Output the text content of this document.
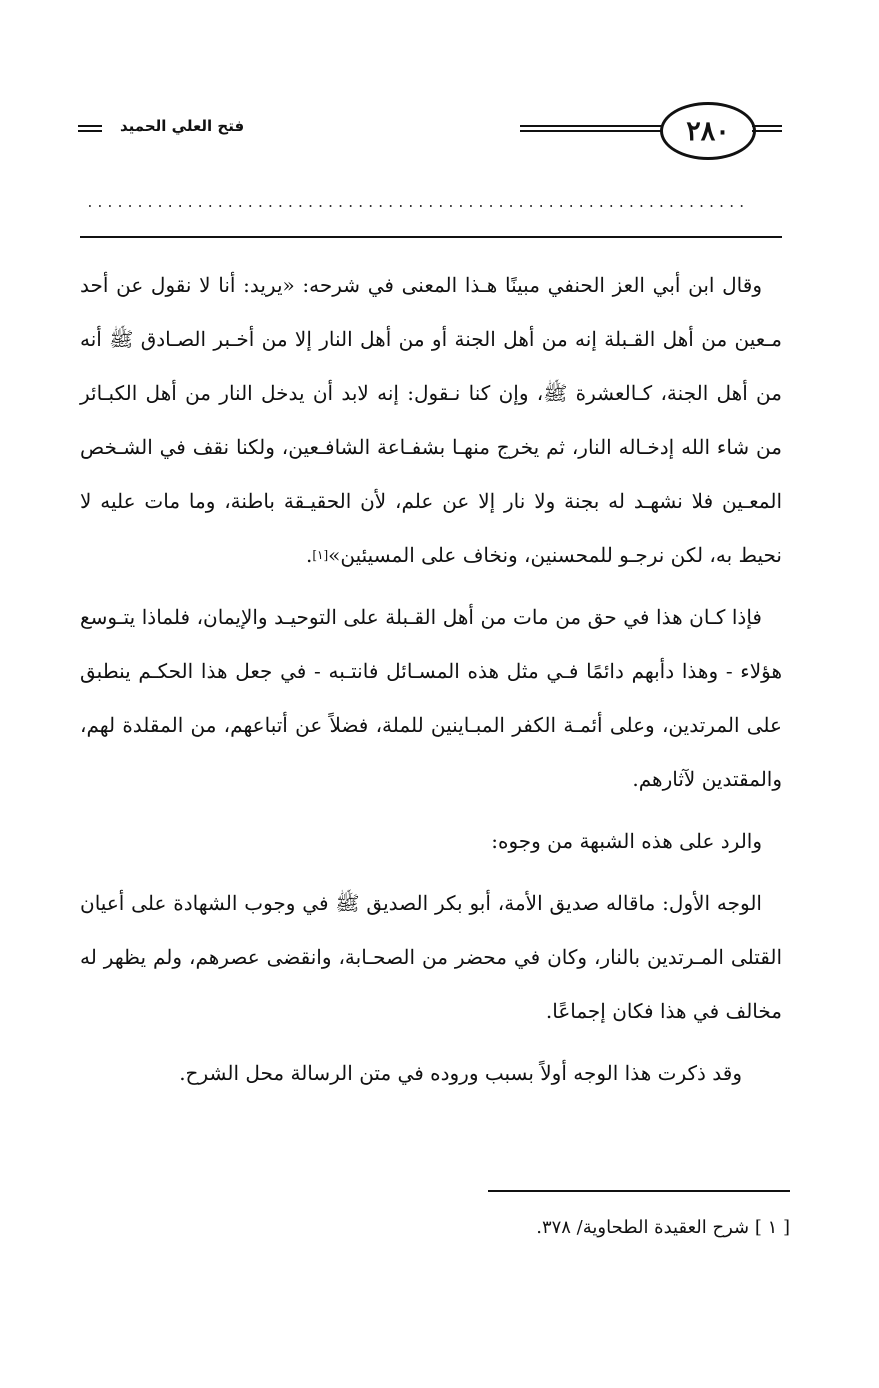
فتح العلي الحميد	٢٨٠
..................................................................

وقال ابن أبي العز الحنفي مبينًا هـذا المعنى في شرحه: «يريد: أنا لا نقول عن أحد مـعين من أهل القـبلة إنه من أهل الجنة أو من أهل النار إلا من أخـبر الصـادق ﷺ أنه من أهل الجنة، كـالعشرة ﷺ، وإن كنا نـقول: إنه لابد أن يدخل النار من أهل الكبـائر من شاء الله إدخـاله النار، ثم يخرج منهـا بشفـاعة الشافـعين، ولكنا نقف في الشـخص المعـين فلا نشهـد له بجنة ولا نار إلا عن علم، لأن الحقيـقة باطنة، وما مات عليه لا نحيط به، لكن نرجـو للمحسنين، ونخاف على المسيئين»[١].

فإذا كـان هذا في حق من مات من أهل القـبلة على التوحيـد والإيمان، فلماذا يتـوسع هؤلاء - وهذا دأبهم دائمًا فـي مثل هذه المسـائل فانتـبه - في جعل هذا الحكـم ينطبق على المرتدين، وعلى أئمـة الكفر المبـاينين للملة، فضلاً عن أتباعهم، من المقلدة لهم، والمقتدين لآثارهم.

والرد على هذه الشبهة من وجوه:

الوجه الأول: ماقاله صديق الأمة، أبو بكر الصديق ﷺ في وجوب الشهادة على أعيان القتلى المـرتدين بالنار، وكان في محضر من الصحـابة، وانقضى عصرهم، ولم يظهر له مخالف في هذا فكان إجماعًا.

وقد ذكرت هذا الوجه أولاً بسبب وروده في متن الرسالة محل الشرح.

[ ١ ] شرح العقيدة الطحاوية/ ٣٧٨.
